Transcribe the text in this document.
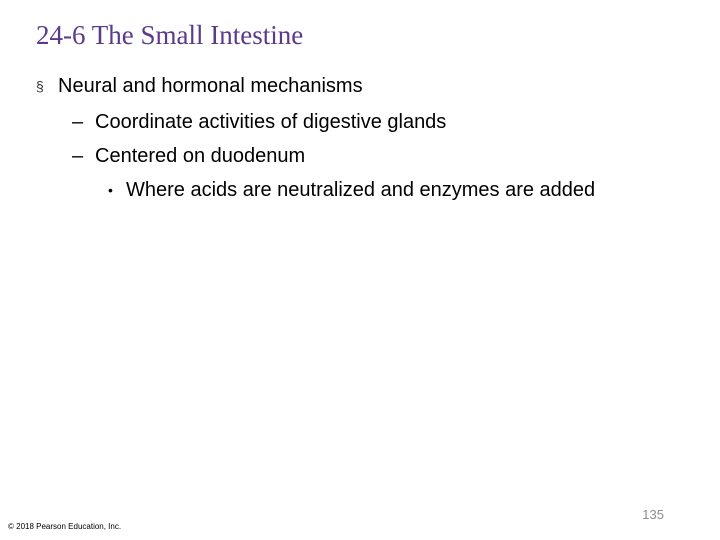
24-6 The Small Intestine
§ Neural and hormonal mechanisms
– Coordinate activities of digestive glands
– Centered on duodenum
• Where acids are neutralized and enzymes are added
© 2018 Pearson Education, Inc.
135
